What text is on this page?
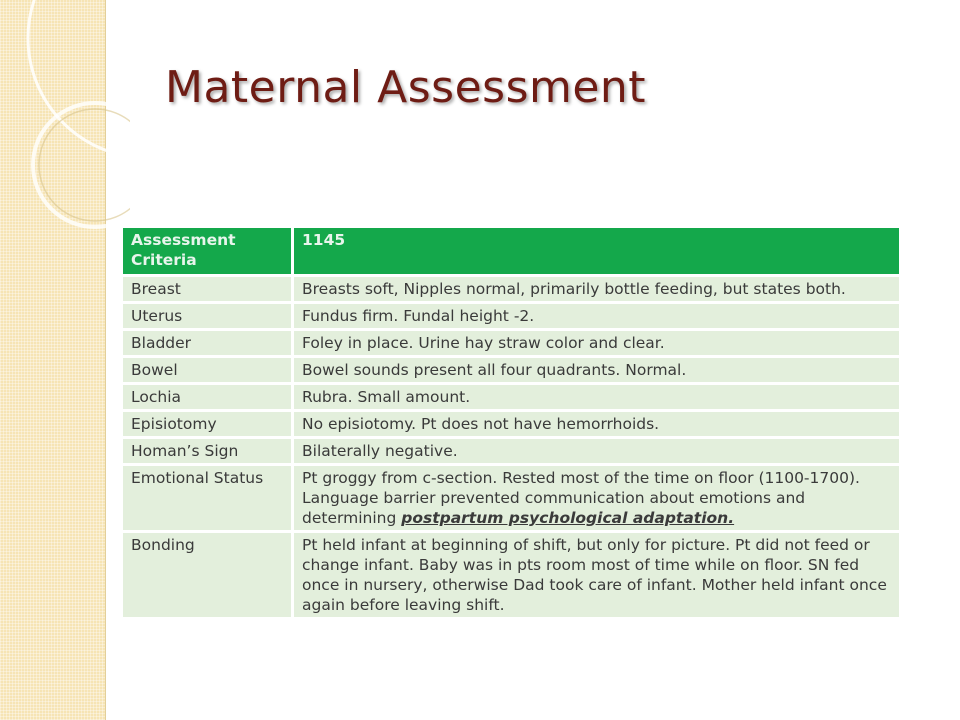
Maternal Assessment
Assessment Criteria	1145
Breast	Breasts soft, Nipples normal, primarily bottle feeding, but states both.
Uterus	Fundus firm. Fundal height -2.
Bladder	Foley in place. Urine hay straw color and clear.
Bowel	Bowel sounds present all four quadrants. Normal.
Lochia	Rubra. Small amount.
Episiotomy	No episiotomy. Pt does not have hemorrhoids.
Homan’s Sign	Bilaterally negative.
Emotional Status	Pt groggy from c-section. Rested most of the time on floor (1100-1700). Language barrier prevented communication about emotions and determining postpartum psychological adaptation.
Bonding	Pt held infant at beginning of shift, but only for picture. Pt did not feed or change infant. Baby was in pts room most of time while on floor. SN fed once in nursery, otherwise Dad took care of infant. Mother held infant once again before leaving shift.
